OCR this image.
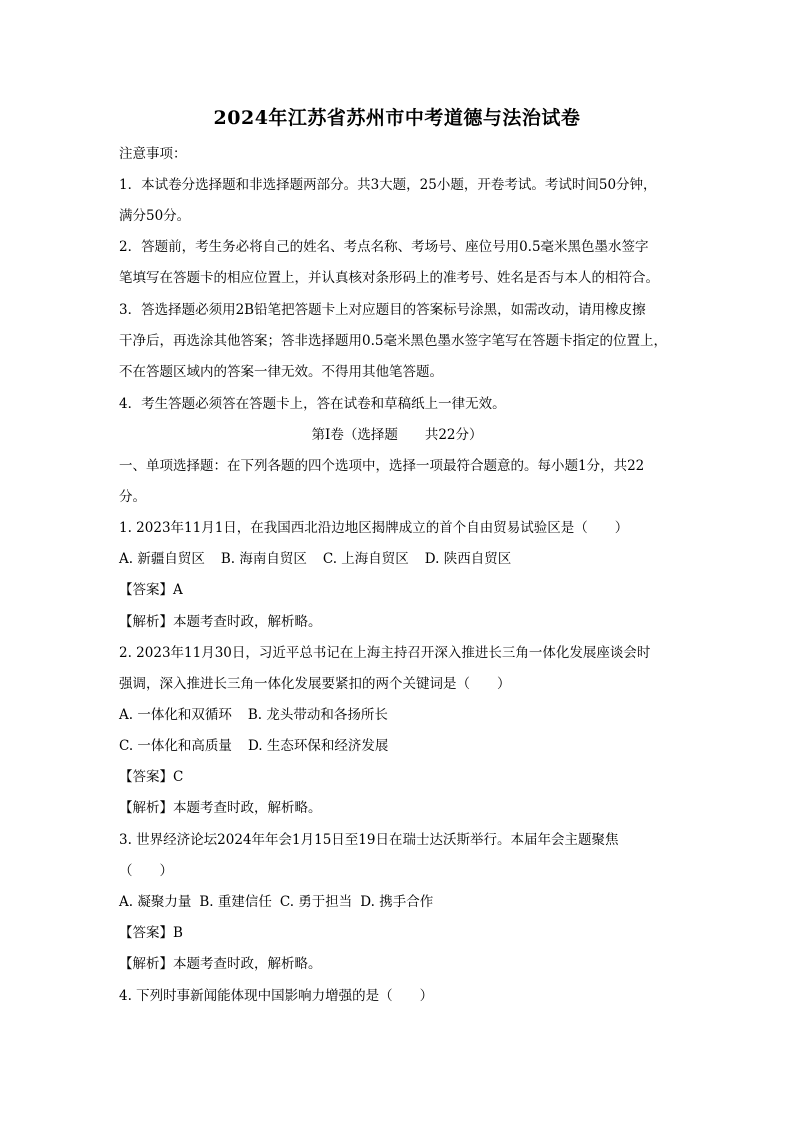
2024年江苏省苏州市中考道德与法治试卷
注意事项：
1．本试卷分选择题和非选择题两部分。共3大题，25小题，开卷考试。考试时间50分钟，
满分50分。
2．答题前，考生务必将自己的姓名、考点名称、考场号、座位号用0.5毫米黑色墨水签字
笔填写在答题卡的相应位置上，并认真核对条形码上的准考号、姓名是否与本人的相符合。
3．答选择题必须用2B铅笔把答题卡上对应题目的答案标号涂黑，如需改动，请用橡皮擦
干净后，再选涂其他答案；答非选择题用0.5毫米黑色墨水签字笔写在答题卡指定的位置上，
不在答题区域内的答案一律无效。不得用其他笔答题。
4．考生答题必须答在答题卡上，答在试卷和草稿纸上一律无效。
第I卷（选择题　　共22分）
一、单项选择题：在下列各题的四个选项中，选择一项最符合题意的。每小题1分，共22
分。
1. 2023年11月1日，在我国西北沿边地区揭牌成立的首个自由贸易试验区是（　　）
A. 新疆自贸区 B. 海南自贸区 C. 上海自贸区 D. 陕西自贸区
【答案】A
【解析】本题考查时政，解析略。
2. 2023年11月30日，习近平总书记在上海主持召开深入推进长三角一体化发展座谈会时
强调，深入推进长三角一体化发展要紧扣的两个关键词是（　　）
A. 一体化和双循环 B. 龙头带动和各扬所长
C. 一体化和高质量 D. 生态环保和经济发展
【答案】C
【解析】本题考查时政，解析略。
3. 世界经济论坛2024年年会1月15日至19日在瑞士达沃斯举行。本届年会主题聚焦
（　　）
A. 凝聚力量 B. 重建信任 C. 勇于担当 D. 携手合作
【答案】B
【解析】本题考查时政，解析略。
4. 下列时事新闻能体现中国影响力增强的是（　　）
